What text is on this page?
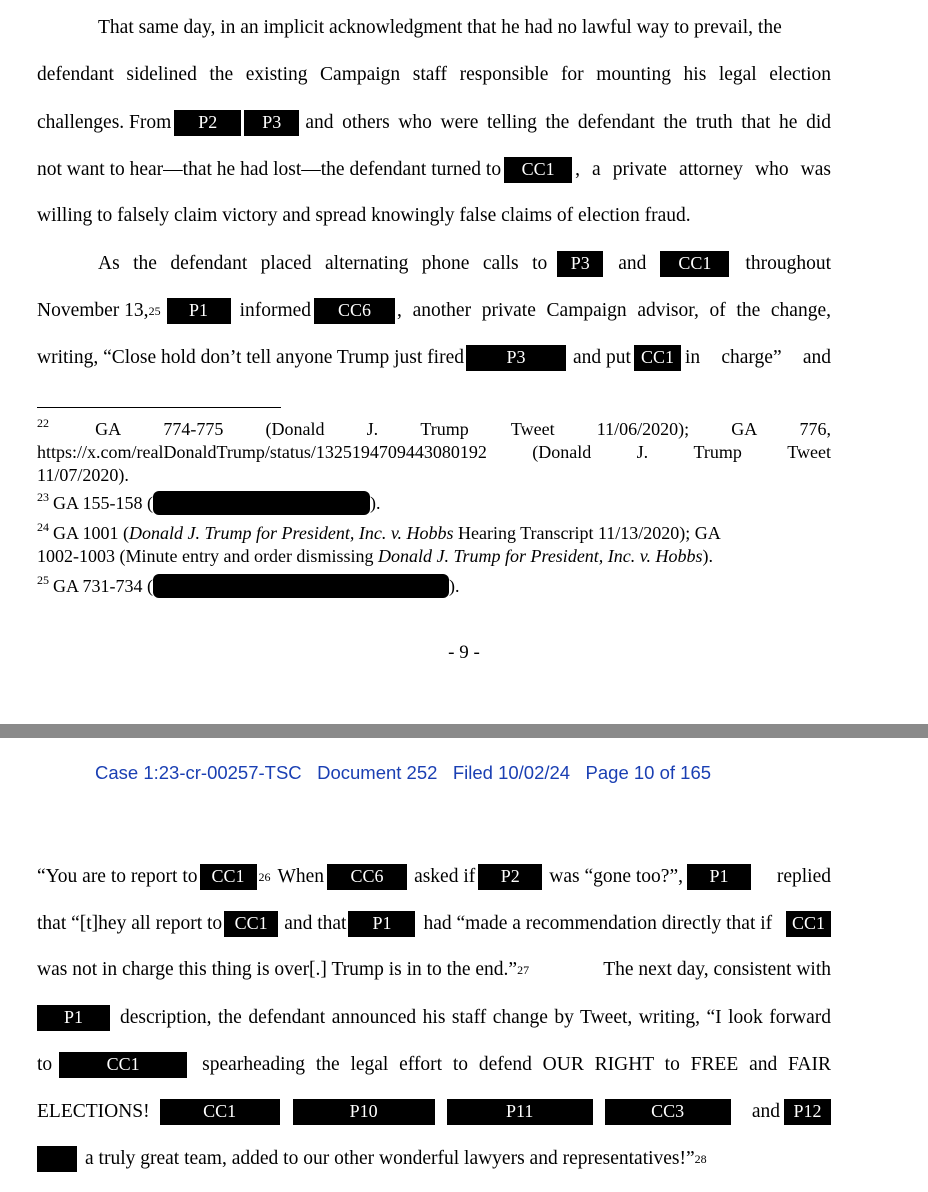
That same day, in an implicit acknowledgment that he had no lawful way to prevail, the
defendant sidelined the existing Campaign staff responsible for mounting his legal election
challenges. From	P2	P3	and others who were telling the defendant the truth that he did
not want to hear—that he had lost—the defendant turned to	CC1	, a private attorney who was
willing to falsely claim victory and spread knowingly false claims of election fraud.
As the defendant placed alternating phone calls to	P3	and	CC1	throughout
November 13, 25	P1	informed	CC6	, another private Campaign advisor, of the change,
writing, “Close hold don’t tell anyone Trump just fired	P3	and put CC1 in charge” and
22	GA 774-775 (Donald J. Trump Tweet 11/06/2020); GA 776,
https://x.com/realDonaldTrump/status/1325194709443080192	(Donald	J.	Trump	Tweet
11/07/2020).
23 GA 155-158 (	).
24 GA 1001 ( Donald J. Trump for President, Inc. v. Hobbs Hearing Transcript 11/13/2020); GA
1002-1003 (Minute entry and order dismissing Donald J. Trump for President, Inc. v. Hobbs).
25 GA 731-734 (	).
- 9 -
Case 1:23-cr-00257-TSC Document 252 Filed 10/02/24 Page 10 of 165
“You are to report to CC1	26 When	CC6	asked if	P2	was “gone too?”,	P1	replied
that “[t]hey all report to CC1 and that	P1	had “made a recommendation directly that if	CC1
was not in charge this thing is over[.] Trump is in to the end.” 27	The next day, consistent with
P1	description, the defendant announced his staff change by Tweet, writing, “I look forward
to	CC1	spearheading the legal effort to defend OUR RIGHT to FREE and FAIR
ELECTIONS!	CC1	P10	P11	CC3	and P12
a truly great team, added to our other wonderful lawyers and representatives!” 28
